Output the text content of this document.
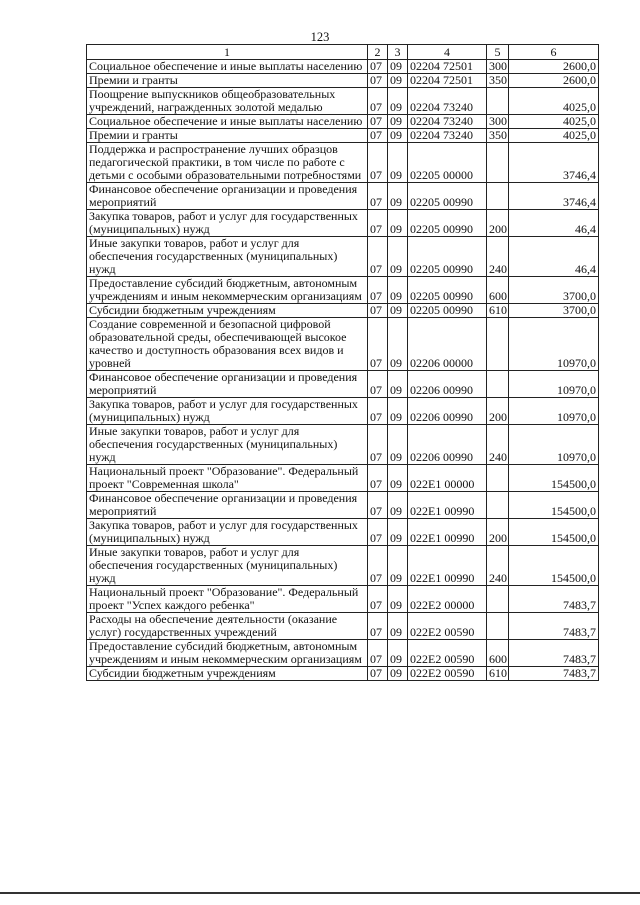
123
1	2	3	4	5	6
Социальное обеспечение и иные выплаты населению	07	09	02204 72501	300	2600,0
Премии и гранты	07	09	02204 72501	350	2600,0
Поощрение выпускников общеобразовательных учреждений, награжденных золотой медалью	07	09	02204 73240		4025,0
Социальное обеспечение и иные выплаты населению	07	09	02204 73240	300	4025,0
Премии и гранты	07	09	02204 73240	350	4025,0
Поддержка и распространение лучших образцов педагогической практики, в том числе по работе с детьми с особыми образовательными потребностями	07	09	02205 00000		3746,4
Финансовое обеспечение организации и проведения мероприятий	07	09	02205 00990		3746,4
Закупка товаров, работ и услуг для государственных (муниципальных) нужд	07	09	02205 00990	200	46,4
Иные закупки товаров, работ и услуг для обеспечения государственных (муниципальных) нужд	07	09	02205 00990	240	46,4
Предоставление субсидий бюджетным, автономным учреждениям и иным некоммерческим организациям	07	09	02205 00990	600	3700,0
Субсидии бюджетным учреждениям	07	09	02205 00990	610	3700,0
Создание современной и безопасной цифровой образовательной среды, обеспечивающей высокое качество и доступность образования всех видов и уровней	07	09	02206 00000		10970,0
Финансовое обеспечение организации и проведения мероприятий	07	09	02206 00990		10970,0
Закупка товаров, работ и услуг для государственных (муниципальных) нужд	07	09	02206 00990	200	10970,0
Иные закупки товаров, работ и услуг для обеспечения государственных (муниципальных) нужд	07	09	02206 00990	240	10970,0
Национальный проект "Образование". Федеральный проект "Современная школа"	07	09	022E1 00000		154500,0
Финансовое обеспечение организации и проведения мероприятий	07	09	022E1 00990		154500,0
Закупка товаров, работ и услуг для государственных (муниципальных) нужд	07	09	022E1 00990	200	154500,0
Иные закупки товаров, работ и услуг для обеспечения государственных (муниципальных) нужд	07	09	022E1 00990	240	154500,0
Национальный проект "Образование". Федеральный проект "Успех каждого ребенка"	07	09	022E2 00000		7483,7
Расходы на обеспечение деятельности (оказание услуг) государственных учреждений	07	09	022E2 00590		7483,7
Предоставление субсидий бюджетным, автономным учреждениям и иным некоммерческим организациям	07	09	022E2 00590	600	7483,7
Субсидии бюджетным учреждениям	07	09	022E2 00590	610	7483,7
